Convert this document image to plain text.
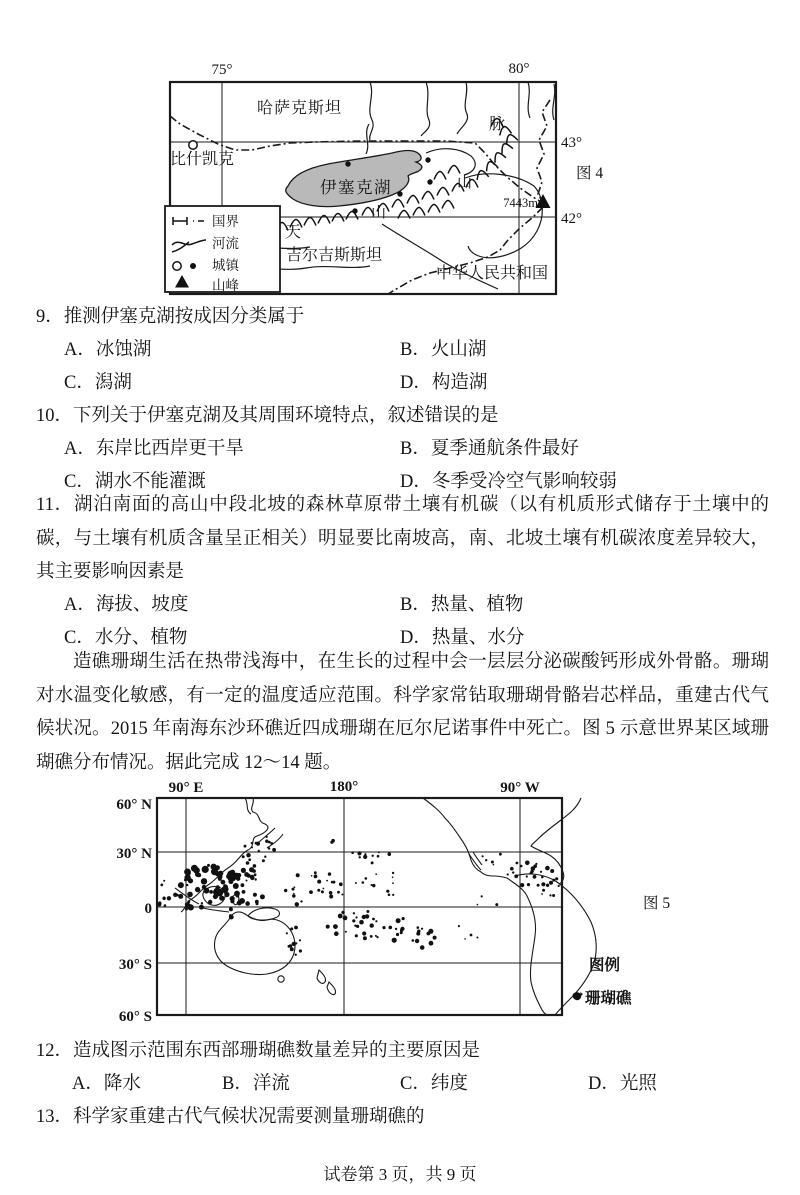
75°	80°
43°
42°
图 4
哈萨克斯坦
脉
比什凯克
伊塞克湖	山
山
天
吉尔吉斯斯坦
中华人民共和国
7443m
国界
河流
城镇
山峰
9．推测伊塞克湖按成因分类属于
A．冰蚀湖	B．火山湖
C．潟湖	D．构造湖
10．下列关于伊塞克湖及其周围环境特点，叙述错误的是
A．东岸比西岸更干旱	B．夏季通航条件最好
C．湖水不能灌溉	D．冬季受冷空气影响较弱
11．湖泊南面的高山中段北坡的森林草原带土壤有机碳（以有机质形式储存于土壤中的碳，与土壤有机质含量呈正相关）明显要比南坡高，南、北坡土壤有机碳浓度差异较大，其主要影响因素是
A．海拔、坡度	B．热量、植物
C．水分、植物	D．热量、水分
造礁珊瑚生活在热带浅海中，在生长的过程中会一层层分泌碳酸钙形成外骨骼。珊瑚对水温变化敏感，有一定的温度适应范围。科学家常钻取珊瑚骨骼岩芯样品，重建古代气候状况。2015 年南海东沙环礁近四成珊瑚在厄尔尼诺事件中死亡。图 5 示意世界某区域珊瑚礁分布情况。据此完成 12～14 题。
60° N
30° N
0
30° S
60° S
90° E	180°	90° W
图 5
图例
珊瑚礁
12．造成图示范围东西部珊瑚礁数量差异的主要原因是
A．降水	B．洋流	C．纬度	D．光照
13．科学家重建古代气候状况需要测量珊瑚礁的
试卷第 3 页，共 9 页
